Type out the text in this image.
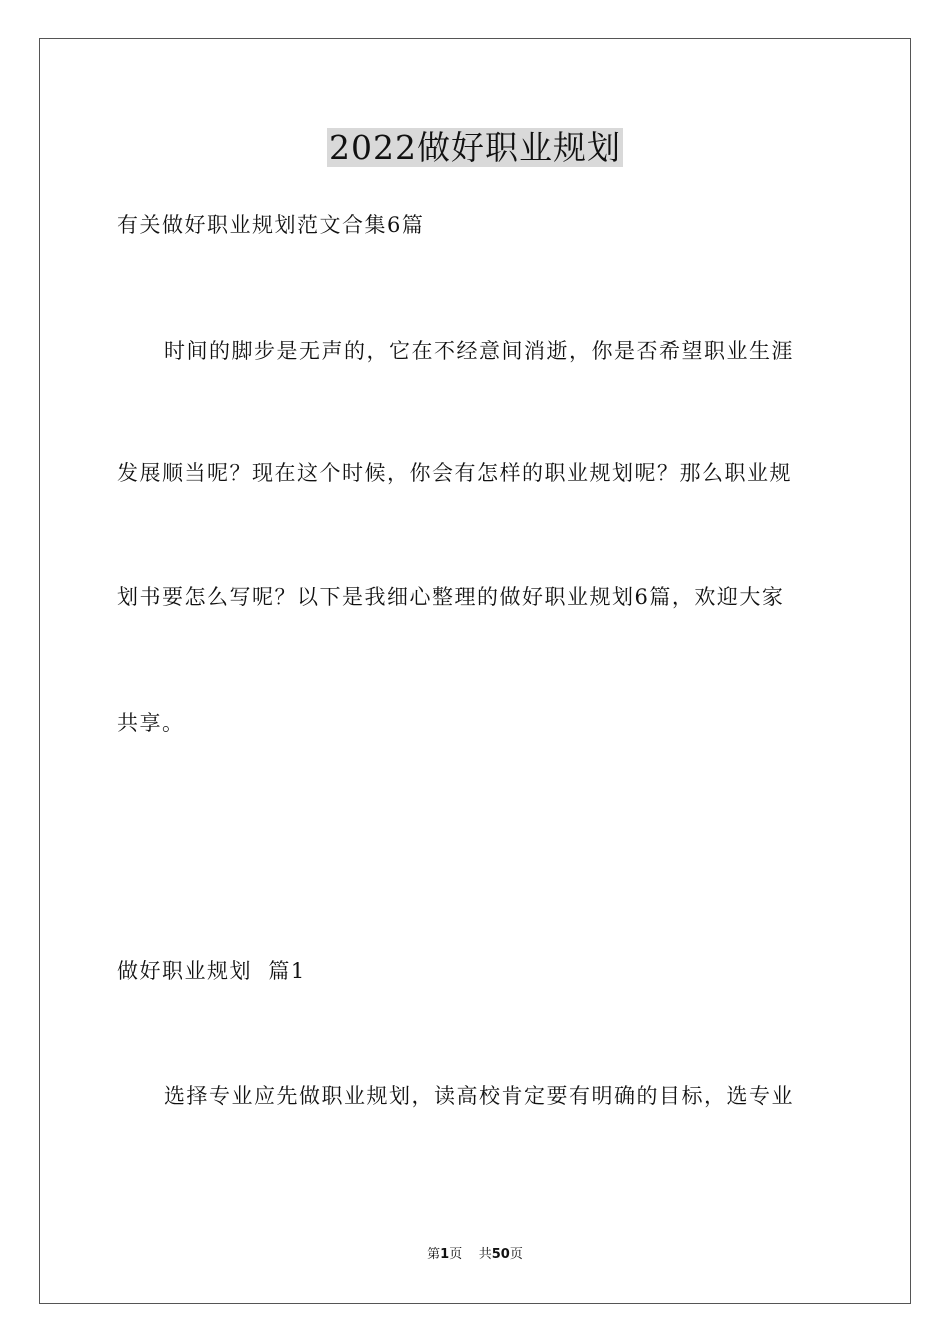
2022做好职业规划
有关做好职业规划范文合集6篇
时间的脚步是无声的，它在不经意间消逝，你是否希望职业生涯
发展顺当呢？现在这个时候，你会有怎样的职业规划呢？那么职业规
划书要怎么写呢？以下是我细心整理的做好职业规划6篇，欢迎大家
共享。
做好职业规划  篇1
选择专业应先做职业规划，读高校肯定要有明确的目标，选专业
第1页    共50页
